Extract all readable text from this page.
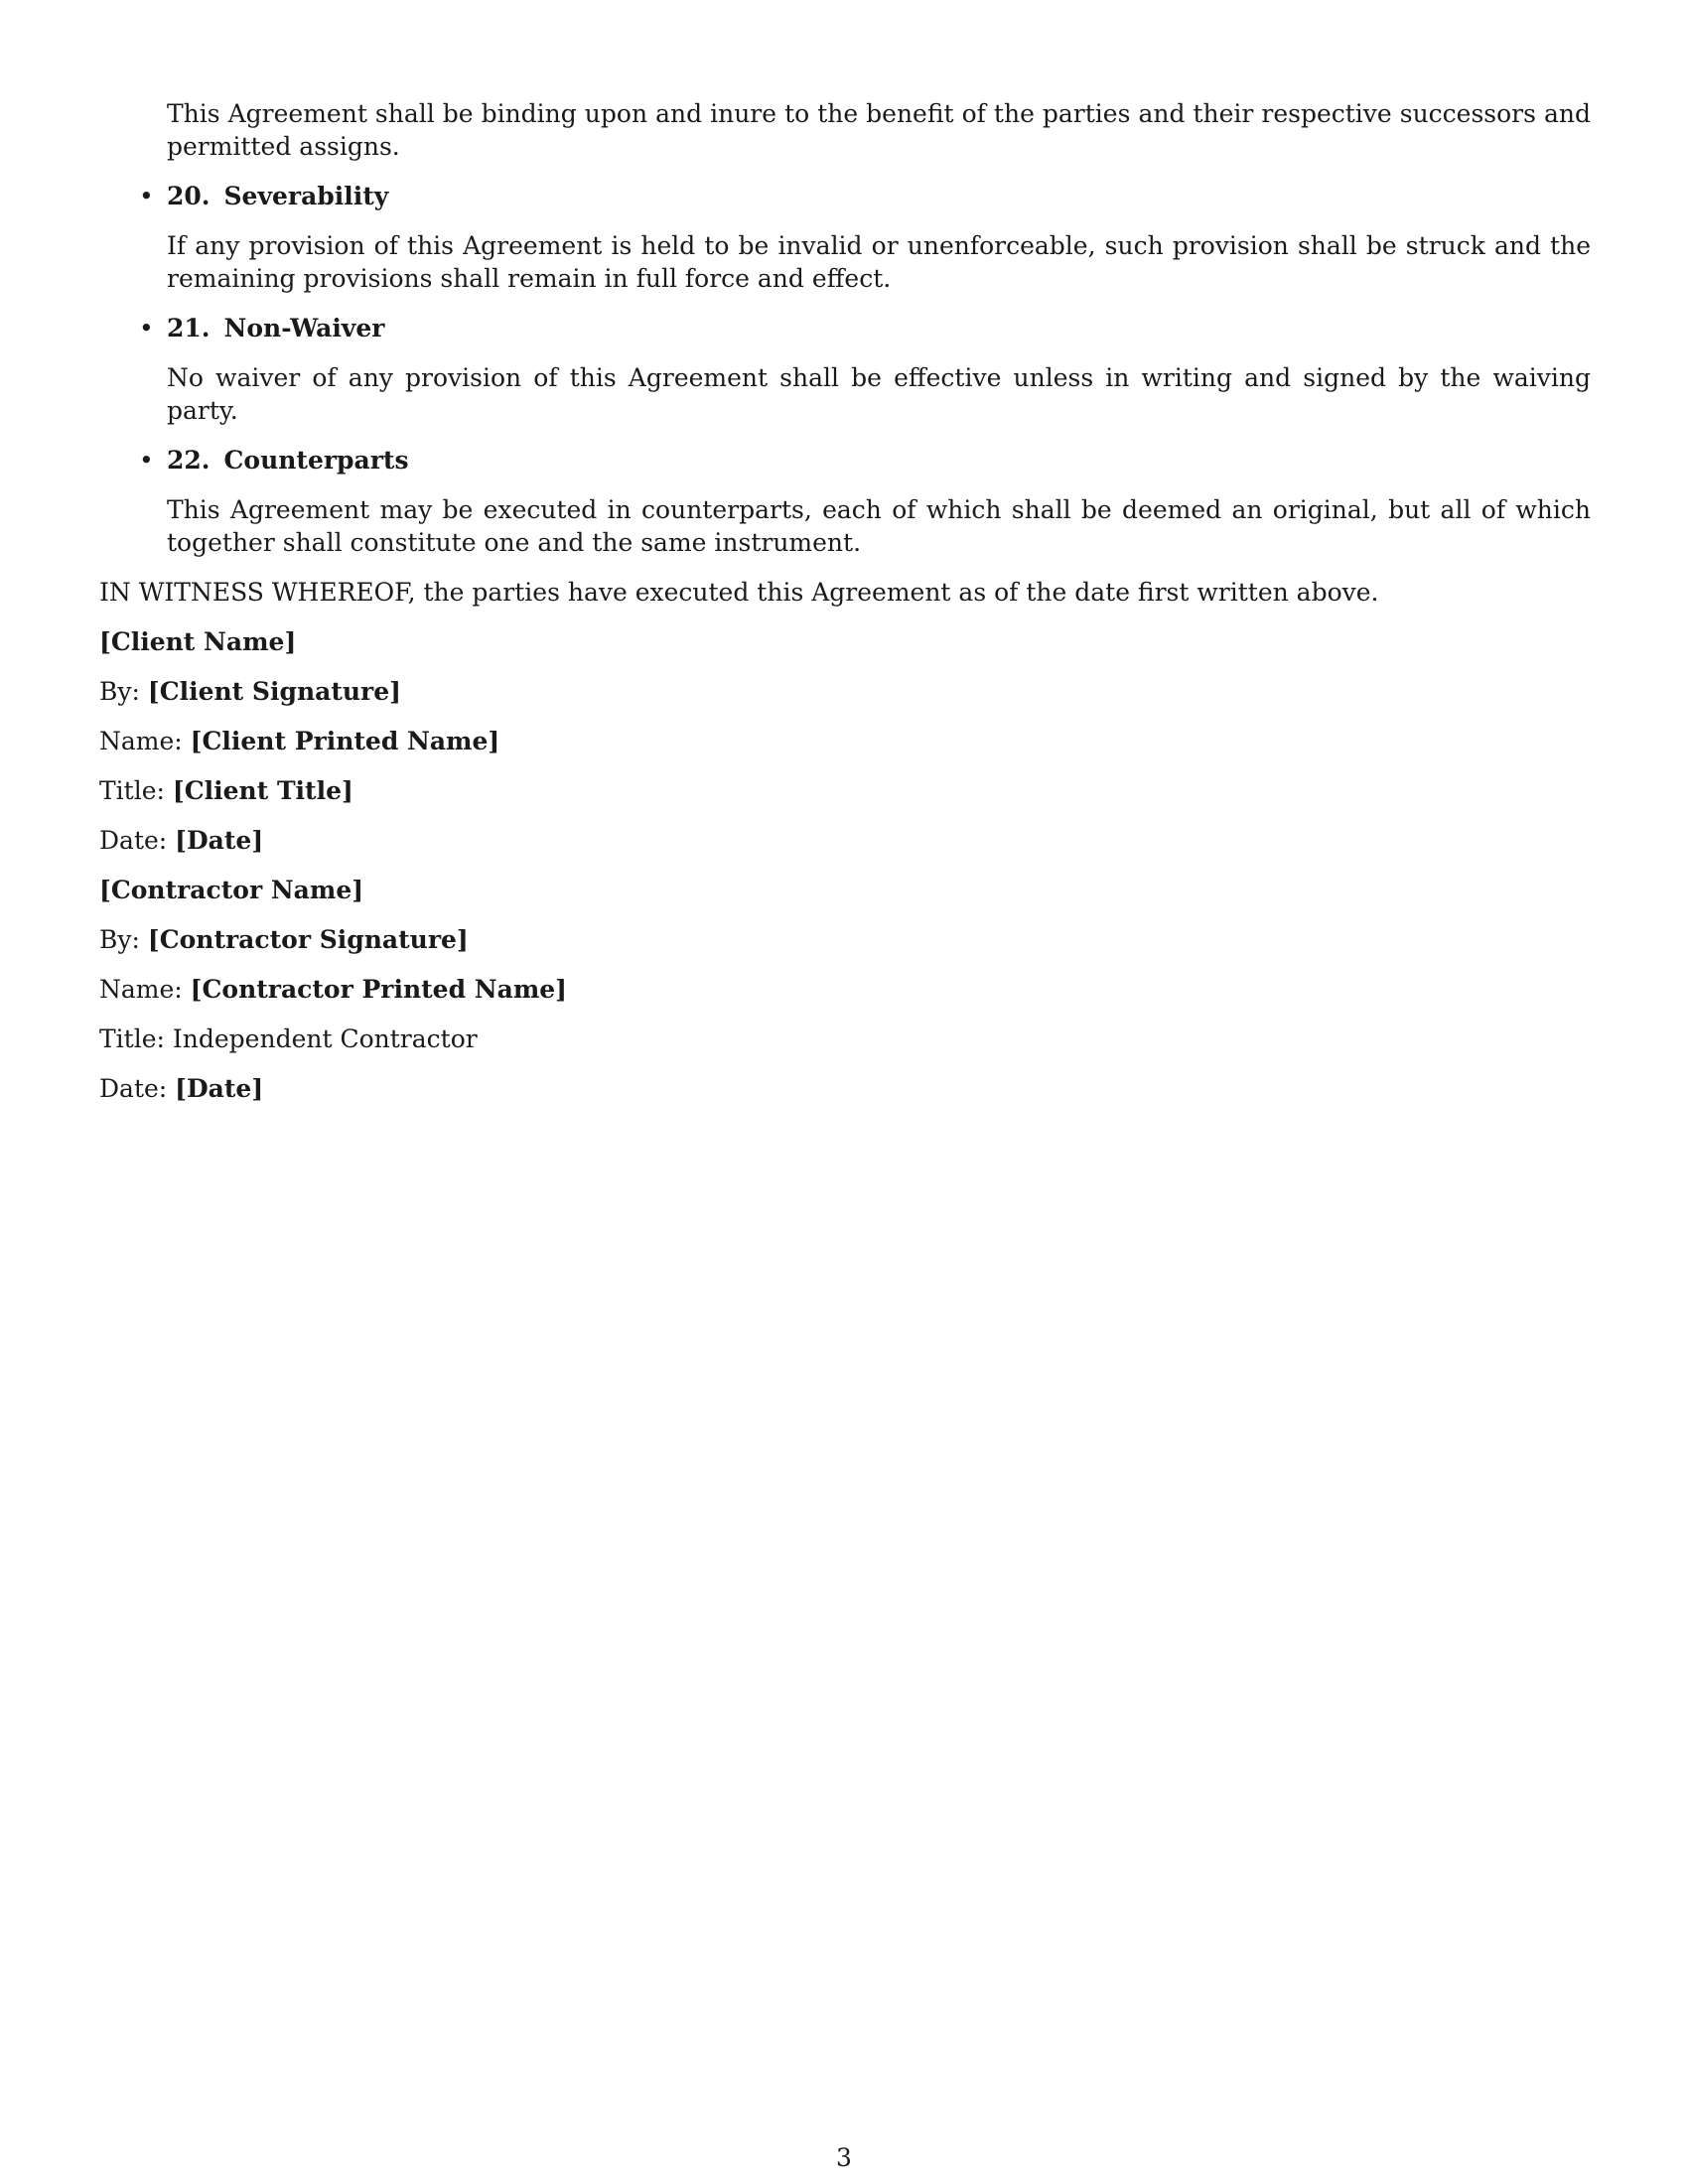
This Agreement shall be binding upon and inure to the benefit of the parties and their respective successors and permitted assigns.

• 20. Severability

If any provision of this Agreement is held to be invalid or unenforceable, such provision shall be struck and the remaining provisions shall remain in full force and effect.

• 21. Non-Waiver

No waiver of any provision of this Agreement shall be effective unless in writing and signed by the waiving party.

• 22. Counterparts

This Agreement may be executed in counterparts, each of which shall be deemed an original, but all of which together shall constitute one and the same instrument.

IN WITNESS WHEREOF, the parties have executed this Agreement as of the date first written above.

[Client Name]

By: [Client Signature]

Name: [Client Printed Name]

Title: [Client Title]

Date: [Date]

[Contractor Name]

By: [Contractor Signature]

Name: [Contractor Printed Name]

Title: Independent Contractor

Date: [Date]

3
